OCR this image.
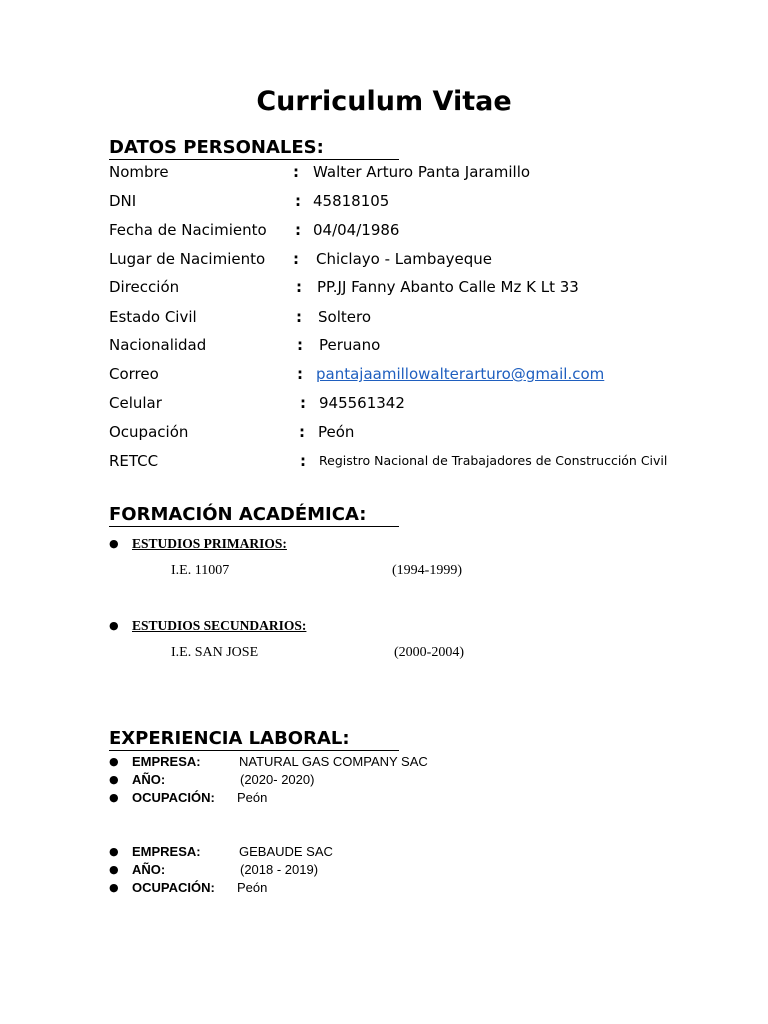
Curriculum Vitae
DATOS PERSONALES:
Nombre	: Walter Arturo Panta Jaramillo
DNI	: 45818105
Fecha de Nacimiento : 04/04/1986
Lugar de Nacimiento : Chiclayo - Lambayeque
Dirección	: PP.JJ Fanny Abanto Calle Mz K Lt 33
Estado Civil	: Soltero
Nacionalidad	: Peruano
Correo	: pantajaamillowalterarturo@gmail.com
Celular	: 945561342
Ocupación	: Peón
RETCC	: Registro Nacional de Trabajadores de Construcción Civil
FORMACIÓN ACADÉMICA:
● ESTUDIOS PRIMARIOS:
I.E. 11007	(1994-1999)
● ESTUDIOS SECUNDARIOS:
I.E. SAN JOSE	(2000-2004)
EXPERIENCIA LABORAL:
● EMPRESA:	NATURAL GAS COMPANY SAC
● AÑO:	(2020- 2020)
● OCUPACIÓN: Peón
● EMPRESA:	GEBAUDE SAC
● AÑO:	(2018 - 2019)
● OCUPACIÓN: Peón
